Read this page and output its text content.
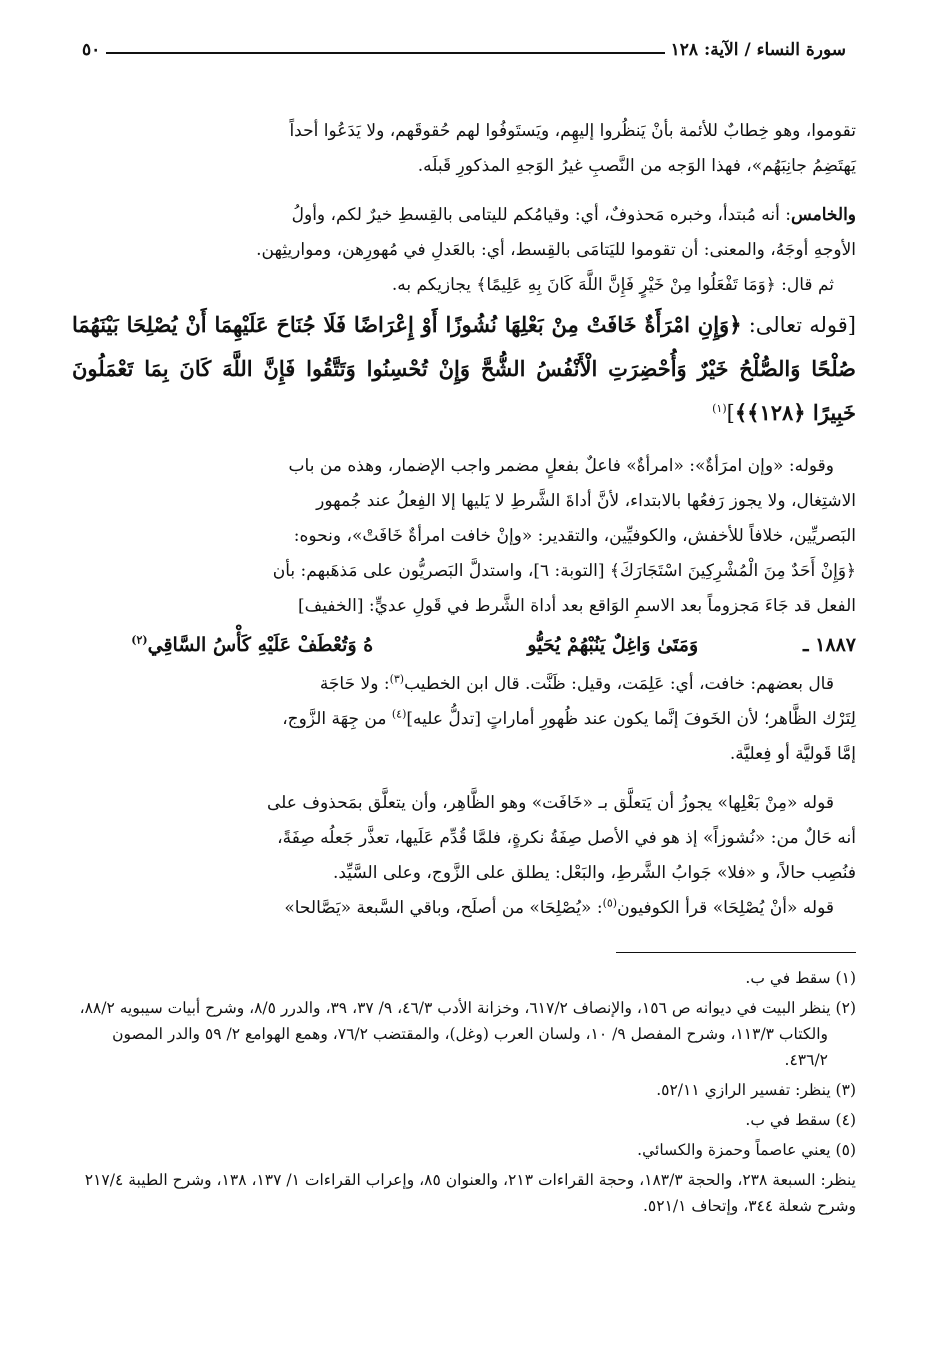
سورة النساء / الآية: ١٢٨
٥٠

تقوموا، وهو خِطابٌ للأئمة بأنْ يَنظُروا إليهِم، ويَستَوفُوا لهم حُقوقَهم، ولا يَدَعُوا أحداً

يَهتَضِمُ جانِبَهُم»، فهذا الوَجه من النَّصبِ غيرُ الوَجهِ المذكورِ قَبلَه.

والخامس: أنه مُبتدأ، وخبره مَحذوفٌ، أي: وقيامُكم لليتامى بالقِسطِ خيرٌ لكم، وأولُ

الأوجهِ أوجَهُ، والمعنى: أن تقوموا لليَتامَى بالقِسط، أي: بالعَدلِ في مُهورِهن، ومواريثِهن.

ثم قال: ﴿وَمَا تَفْعَلُوا مِنْ خَيْرٍ فَإِنَّ اللَّهَ كَانَ بِهِ عَلِيمًا﴾ يجازيكم به.

[قوله تعالى: ﴿وَإِنِ امْرَأَةٌ خَافَتْ مِنْ بَعْلِهَا نُشُوزًا أَوْ إِعْرَاضًا فَلَا جُنَاحَ عَلَيْهِمَا أَنْ يُصْلِحَا بَيْنَهُمَا صُلْحًا وَالصُّلْحُ خَيْرٌ وَأُحْضِرَتِ الْأَنْفُسُ الشُّحَّ وَإِنْ تُحْسِنُوا وَتَتَّقُوا فَإِنَّ اللَّهَ كَانَ بِمَا تَعْمَلُونَ خَبِيرًا ﴿١٢٨﴾﴾]$^{(١)}$

وقوله: «وإن امرَأةٌ»: «امرأةٌ» فاعلٌ بفعلٍ مضمر واجب الإضمار، وهذه من باب

الاشتِغال، ولا يجوز رَفعُها بالابتداء، لأنَّ أداةَ الشَّرطِ لا يَليها إلا الفِعلُ عند جُمهور

البَصريِّين، خلافاً للأخفش، والكوفيِّين، والتقدير: «وإنْ خافت امرأةٌ خَافَتْ»، ونحوه:

﴿وَإِنْ أَحَدٌ مِنَ الْمُشْرِكِينَ اسْتَجَارَكَ﴾ [التوبة: ٦]، واستدلَّ البَصريُّون على مَذهَبهم: بأن

الفعل قد جَاءَ مَجزوماً بعد الاسمِ الوَاقع بعد أداة الشَّرط في قَولِ عديٍّ: [الخفيف]

١٨٨٧ ـ
وَمَتَىٰ وَاغِلٌ يَنُبْهُمْ يُحَيُّو
هُ وَتُعْطَفْ عَلَيْهِ كَأْسُ السَّاقِي$^{(٢)}$

قال بعضهم: خافت، أي: عَلِمَت، وقيل: ظَنَّت. قال ابن الخطيب$^{(٣)}$: ولا حَاجَة

لِتَرْك الظَّاهر؛ لأن الخَوفَ إنَّما يكون عند ظُهورِ أماراتٍ [تدلُّ عليه]$^{(٤)}$ من جِهَة الزَّوج،

إمَّا قَوليَّة أو فِعليَّة.

قوله «مِنْ بَعْلِها» يجوزُ أن يَتعلَّق بـ «خَافَت» وهو الظَّاهِر، وأن يتعلَّق بمَحذوف على

أنه حَالٌ من: «نُشوزاً» إذ هو في الأصل صِفَةُ نكرةٍ، فلمَّا قُدِّم عَلَيها، تعذَّر جَعلُه صِفَةً،

فنُصِب حالاً، و «فلا» جَوابُ الشَّرطِ، والبَعْل: يطلق على الزَّوج، وعلى السَّيِّد.

قوله «أنْ يُصْلِحَا» قرأ الكوفيون$^{(٥)}$: «يُصْلِحَا» من أصلَح، وباقي السَّبعة «يَصَّالحا»

(١) سقط في ب.

(٢) ينظر البيت في ديوانه ص ١٥٦، والإنصاف ٦١٧/٢، وخزانة الأدب ٤٦/٣، ٩/ ٣٧، ٣٩، والدرر ٨/٥، وشرح أبيات سيبويه ٨٨/٢، والكتاب ١١٣/٣، وشرح المفصل ٩/ ١٠، ولسان العرب (وغل)، والمقتضب ٧٦/٢، وهمع الهوامع ٢/ ٥٩ والدر المصون ٤٣٦/٢.

(٣) ينظر: تفسير الرازي ٥٢/١١.

(٤) سقط في ب.

(٥) يعني عاصماً وحمزة والكسائي.

ينظر: السبعة ٢٣٨، والحجة ١٨٣/٣، وحجة القراءات ٢١٣، والعنوان ٨٥، وإعراب القراءات ١/ ١٣٧، ١٣٨، وشرح الطيبة ٢١٧/٤ وشرح شعلة ٣٤٤، وإتحاف ٥٢١/١.
